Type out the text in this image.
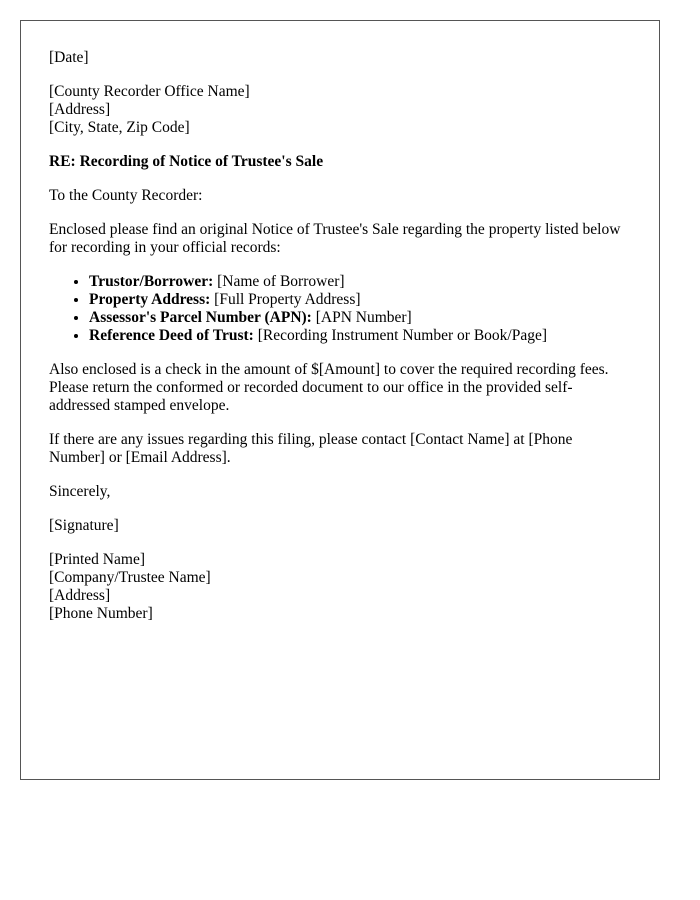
[Date]

[County Recorder Office Name]
[Address]
[City, State, Zip Code]

RE: Recording of Notice of Trustee's Sale

To the County Recorder:

Enclosed please find an original Notice of Trustee's Sale regarding the property listed below for recording in your official records:

• Trustor/Borrower: [Name of Borrower]
• Property Address: [Full Property Address]
• Assessor's Parcel Number (APN): [APN Number]
• Reference Deed of Trust: [Recording Instrument Number or Book/Page]

Also enclosed is a check in the amount of $[Amount] to cover the required recording fees. Please return the conformed or recorded document to our office in the provided self-addressed stamped envelope.

If there are any issues regarding this filing, please contact [Contact Name] at [Phone Number] or [Email Address].

Sincerely,

[Signature]

[Printed Name]
[Company/Trustee Name]
[Address]
[Phone Number]
